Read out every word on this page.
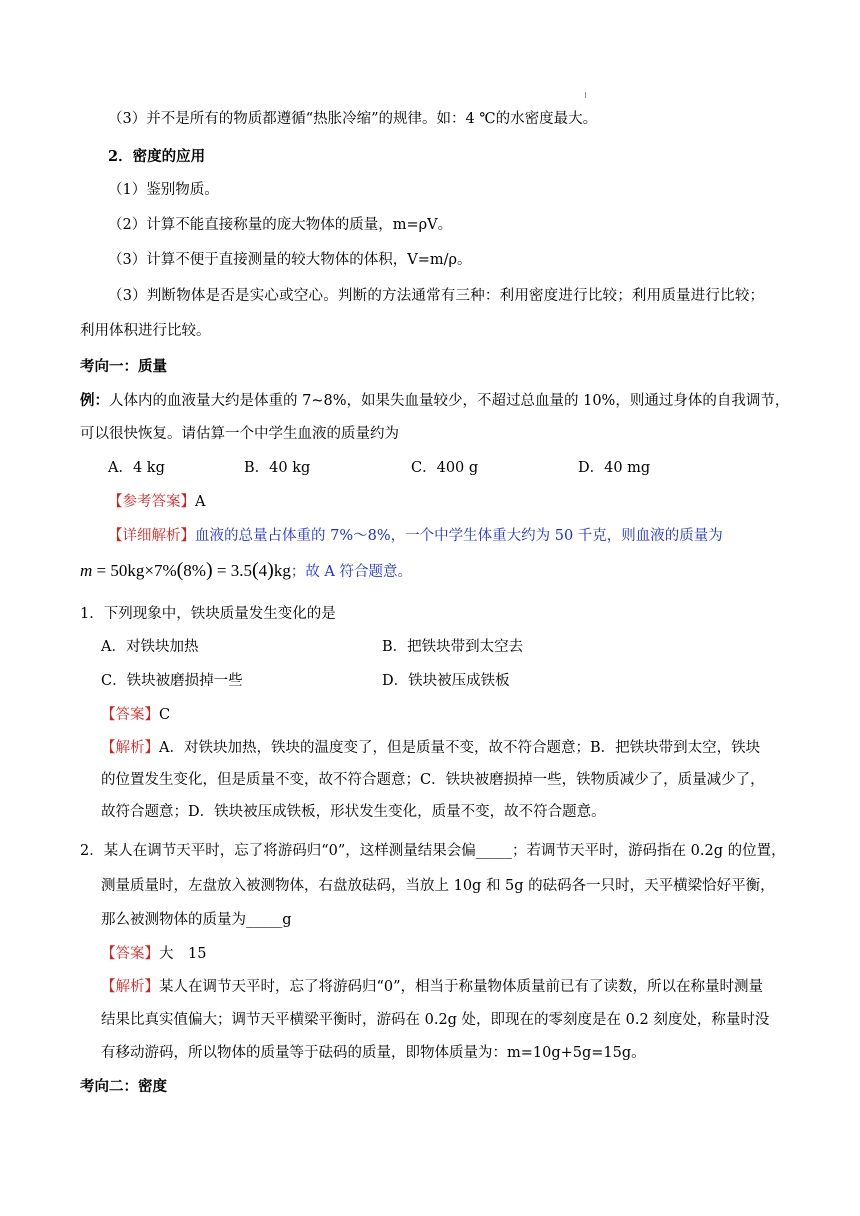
（3）并不是所有的物质都遵循“热胀冷缩”的规律。如：4 ℃的水密度最大。
2．密度的应用
（1）鉴别物质。
（2）计算不能直接称量的庞大物体的质量，m=ρV。
（3）计算不便于直接测量的较大物体的体积，V=m/ρ。
（3）判断物体是否是实心或空心。判断的方法通常有三种：利用密度进行比较；利用质量进行比较；
利用体积进行比较。
考向一：质量
例：人体内的血液量大约是体重的 7~8%，如果失血量较少，不超过总血量的 10%，则通过身体的自我调节，
可以很快恢复。请估算一个中学生血液的质量约为
A．4 kg	B．40 kg	C．400 g	D．40 mg
【参考答案】A
【详细解析】血液的总量占体重的 7%～8%，一个中学生体重大约为 50 千克，则血液的质量为
m = 50kg×7%(8%) = 3.5(4)kg；故 A 符合题意。
1．下列现象中，铁块质量发生变化的是
A．对铁块加热	B．把铁块带到太空去
C．铁块被磨损掉一些	D．铁块被压成铁板
【答案】C
【解析】A．对铁块加热，铁块的温度变了，但是质量不变，故不符合题意；B．把铁块带到太空，铁块
的位置发生变化，但是质量不变，故不符合题意；C．铁块被磨损掉一些，铁物质减少了，质量减少了，
故符合题意；D．铁块被压成铁板，形状发生变化，质量不变，故不符合题意。
2．某人在调节天平时，忘了将游码归“0”，这样测量结果会偏_____；若调节天平时，游码指在 0.2g 的位置，
测量质量时，左盘放入被测物体，右盘放砝码，当放上 10g 和 5g 的砝码各一只时，天平横梁恰好平衡，
那么被测物体的质量为_____g
【答案】大　15
【解析】某人在调节天平时，忘了将游码归“0”，相当于称量物体质量前已有了读数，所以在称量时测量
结果比真实值偏大；调节天平横梁平衡时，游码在 0.2g 处，即现在的零刻度是在 0.2 刻度处，称量时没
有移动游码，所以物体的质量等于砝码的质量，即物体质量为：m=10g+5g=15g。
考向二：密度
